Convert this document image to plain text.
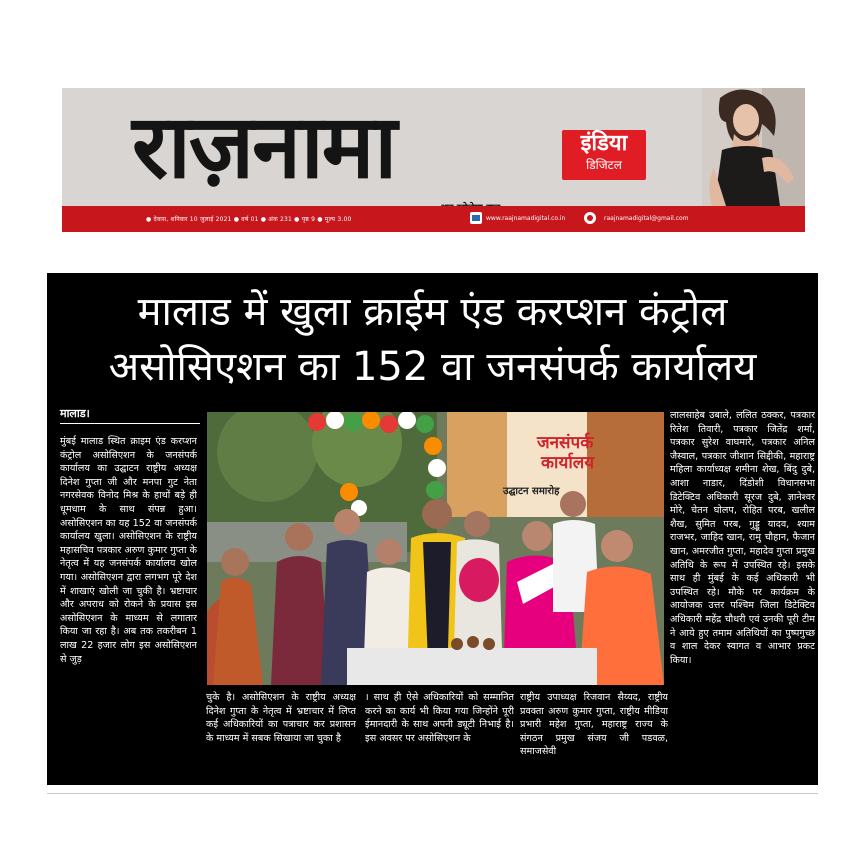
राज़नामा	इंडिया
डिजिटल
● देवास, शनिवार 10 जुलाई 2021 ● वर्ष 01 ● अंक 231 ● पृष्ठ 9 ● मूल्य 3.00	www.raajnamadigital.co.in	raajnamadigital@gmail.com
मालाड में खुला क्राईम एंड करप्शन कंट्रोल
असोसिएशन का 152 वा जनसंपर्क कार्यालय
मालाड।
मुंबई मालाड स्थित क्राइम एंड करप्शन कंट्रोल असोसिएशन के जनसंपर्क कार्यालय का उद्घाटन राष्ट्रीय अध्यक्ष दिनेश गुप्ता जी और मनपा गुट नेता नगरसेवक विनोद मिश्र के हाथों बड़े ही धूमधाम के साथ संपन्न हुआ। असोसिएशन का यह 152 वा जनसंपर्क कार्यालय खुला। असोसिएशन के राष्ट्रीय महासचिव पत्रकार अरुण कुमार गुप्ता के नेतृत्व में यह जनसंपर्क कार्यालय खोल गया। असोसिएशन द्वारा लगभग पूरे देश में शाखाएं खोली जा चुकी है। भ्रष्टाचार और अपराध को रोकने के प्रयास इस असोसिएशन के माध्यम से लगातार किया जा रहा है। अब तक तकरीबन 1 लाख 22 हजार लोग इस असोसिएशन से जुड़
जनसंपर्क
कार्यालय
उद्घाटन समारोह
चुके है। असोसिएशन के राष्ट्रीय अध्यक्ष दिनेश गुप्ता के नेतृत्व में भ्रष्टाचार में लिप्त कई अधिकारियों का पत्राचार कर प्रशासन के माध्यम में सबक सिखाया जा चुका है
। साथ ही ऐसे अधिकारियों को सम्मानित करने का कार्य भी किया गया जिन्होंने पूरी ईमानदारी के साथ अपनी ड्यूटी निभाई है। इस अवसर पर असोसिएशन के
राष्ट्रीय उपाध्यक्ष रिजवान सैय्यद, राष्ट्रीय प्रवक्ता अरुण कुमार गुप्ता, राष्ट्रीय मीडिया प्रभारी महेश गुप्ता, महाराष्ट्र राज्य के संगठन प्रमुख संजय जी पडवळ, समाजसेवी
लालसाहेब उबाले, ललित ठक्कर, पत्रकार रितेश तिवारी, पत्रकार जितेंद्र शर्मा, पत्रकार सुरेश वाघमारे, पत्रकार अनिल जैस्वाल, पत्रकार जीशान सिद्दीकी, महाराष्ट्र महिला कार्याध्यक्ष शमीना शेख, बिंदु दुबे, आशा नाडार, दिंडोशी विधानसभा डिटेक्टिव अधिकारी सूरज दुबे, ज्ञानेश्वर मोरे, चेतन घोलप, रोहित परब, खलील शैख, सुमित परब, गुड्डू यादव, श्याम राजभर, जाहिद खान, रामु चौहान, फैजान खान, अमरजीत गुप्ता, महादेव गुप्ता प्रमुख अतिथि के रूप में उपस्थित रहे। इसके साथ ही मुंबई के कई अधिकारी भी उपस्थित रहे। मौके पर कार्यक्रम के आयोजक उत्तर पश्चिम जिला डिटेक्टिव अधिकारी महेंद्र चौधरी एवं उनकी पूरी टीम ने आये हुए तमाम अतिथियों का पुष्पगुच्छ व शाल देकर स्वागत व आभार प्रकट किया।
